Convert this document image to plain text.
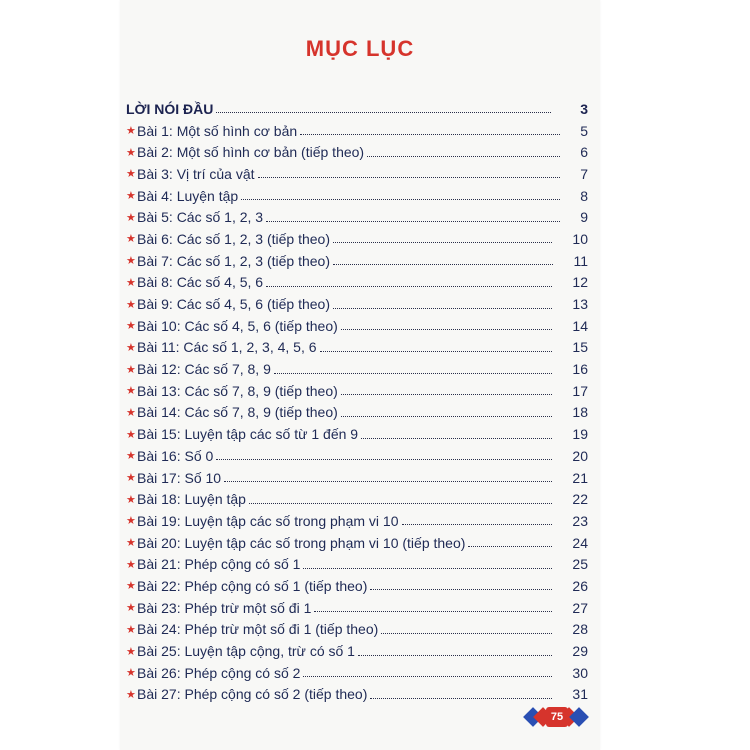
MỤC LỤC
LỜI NÓI ĐẦU	3
★ Bài 1: Một số hình cơ bản	5
★ Bài 2: Một số hình cơ bản (tiếp theo)	6
★ Bài 3: Vị trí của vật	7
★ Bài 4: Luyện tập	8
★ Bài 5: Các số 1, 2, 3	9
★ Bài 6: Các số 1, 2, 3 (tiếp theo)	10
★ Bài 7: Các số 1, 2, 3 (tiếp theo)	11
★ Bài 8: Các số 4, 5, 6	12
★ Bài 9: Các số 4, 5, 6 (tiếp theo)	13
★ Bài 10: Các số 4, 5, 6 (tiếp theo)	14
★ Bài 11: Các số 1, 2, 3, 4, 5, 6	15
★ Bài 12: Các số 7, 8, 9	16
★ Bài 13: Các số 7, 8, 9 (tiếp theo)	17
★ Bài 14: Các số 7, 8, 9 (tiếp theo)	18
★ Bài 15: Luyện tập các số từ 1 đến 9	19
★ Bài 16: Số 0	20
★ Bài 17: Số 10	21
★ Bài 18: Luyện tập	22
★ Bài 19: Luyện tập các số trong phạm vi 10	23
★ Bài 20: Luyện tập các số trong phạm vi 10 (tiếp theo)	24
★ Bài 21: Phép cộng có số 1	25
★ Bài 22: Phép cộng có số 1 (tiếp theo)	26
★ Bài 23: Phép trừ một số đi 1	27
★ Bài 24: Phép trừ một số đi 1 (tiếp theo)	28
★ Bài 25: Luyện tập cộng, trừ có số 1	29
★ Bài 26: Phép cộng có số 2	30
★ Bài 27: Phép cộng có số 2 (tiếp theo)	31
75
